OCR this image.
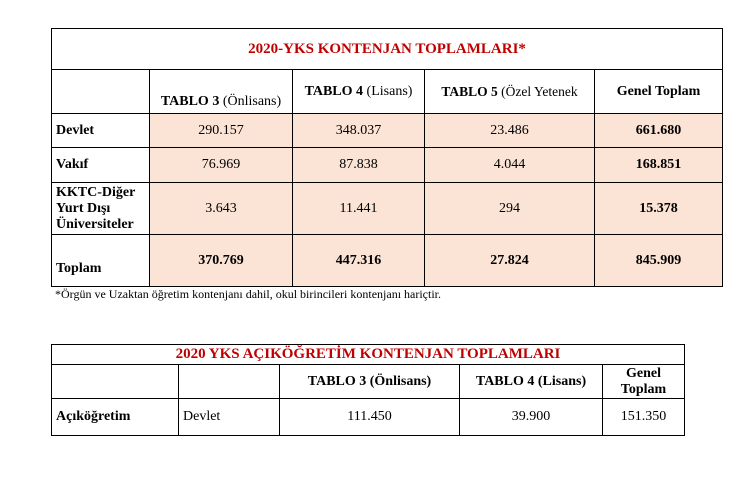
2020-YKS KONTENJAN TOPLAMLARI*				
	TABLO 3 (Önlisans)	TABLO 4 (Lisans)	TABLO 5 (Özel Yetenek	Genel Toplam
Devlet	290.157	348.037	23.486	661.680
Vakıf	76.969	87.838	4.044	168.851

KKTC-Diğer
Yurt Dışı
Üniversiteler	3.643	11.441	294	15.378
Toplam	370.769	447.316	27.824	845.909
*Örgün ve Uzaktan öğretim kontenjanı dahil, okul birincileri kontenjanı hariçtir.
2020 YKS AÇIKÖĞRETİM KONTENJAN TOPLAMLARI				
		TABLO 3 (Önlisans)	TABLO 4 (Lisans)	Genel
Toplam

Açıköğretim	Devlet	111.450	39.900	151.350
